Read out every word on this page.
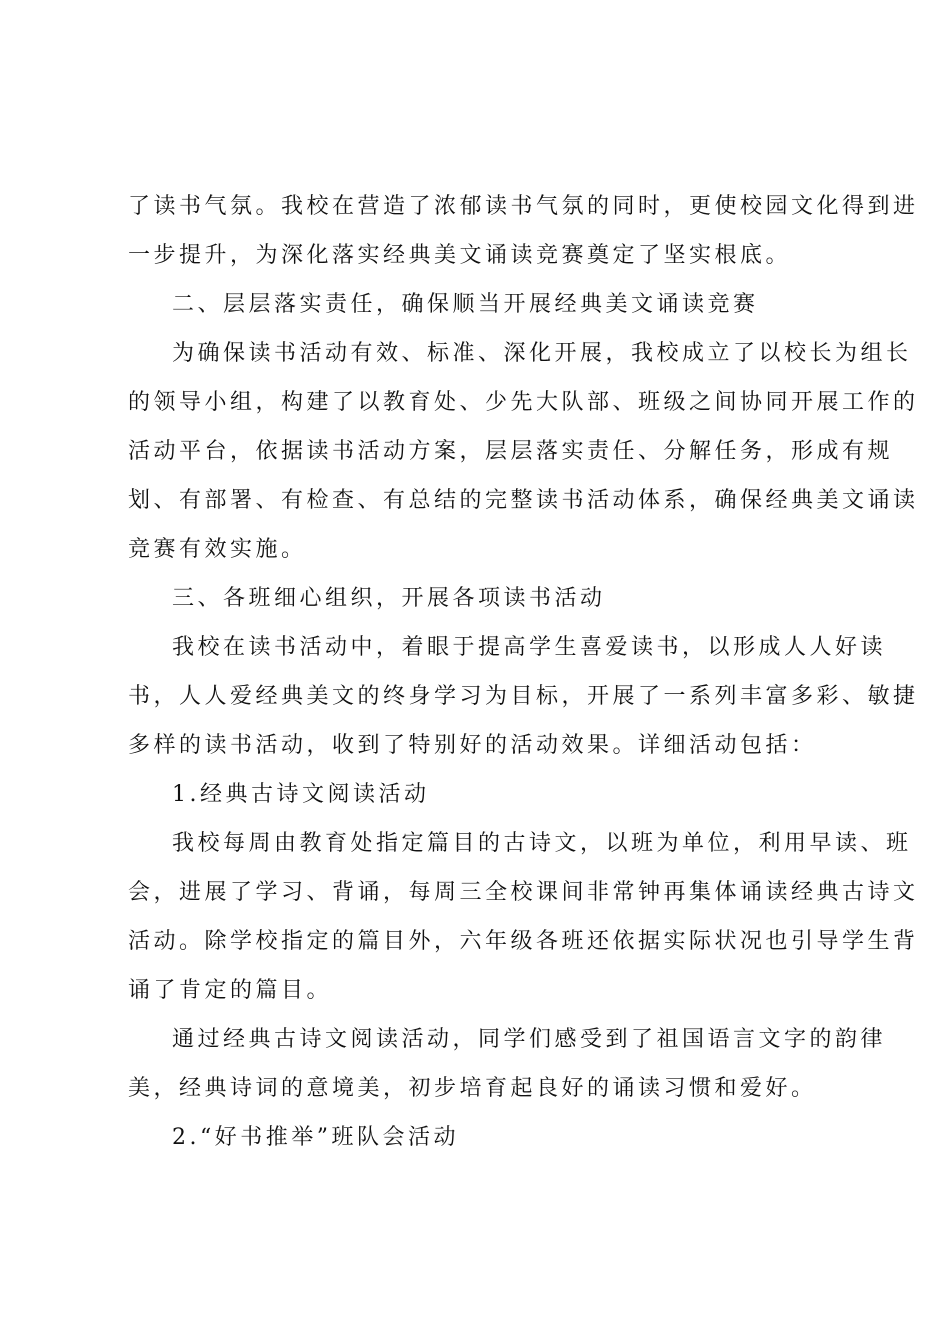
了读书气氛。我校在营造了浓郁读书气氛的同时，更使校园文化得到进
一步提升，为深化落实经典美文诵读竞赛奠定了坚实根底。
二、层层落实责任，确保顺当开展经典美文诵读竞赛
为确保读书活动有效、标准、深化开展，我校成立了以校长为组长
的领导小组，构建了以教育处、少先大队部、班级之间协同开展工作的
活动平台，依据读书活动方案，层层落实责任、分解任务，形成有规
划、有部署、有检查、有总结的完整读书活动体系，确保经典美文诵读
竞赛有效实施。
三、各班细心组织，开展各项读书活动
我校在读书活动中，着眼于提高学生喜爱读书，以形成人人好读
书，人人爱经典美文的终身学习为目标，开展了一系列丰富多彩、敏捷
多样的读书活动，收到了特别好的活动效果。详细活动包括：
1.经典古诗文阅读活动
我校每周由教育处指定篇目的古诗文，以班为单位，利用早读、班
会，进展了学习、背诵，每周三全校课间非常钟再集体诵读经典古诗文
活动。除学校指定的篇目外，六年级各班还依据实际状况也引导学生背
诵了肯定的篇目。
通过经典古诗文阅读活动，同学们感受到了祖国语言文字的韵律
美，经典诗词的意境美，初步培育起良好的诵读习惯和爱好。
2.“好书推举”班队会活动
